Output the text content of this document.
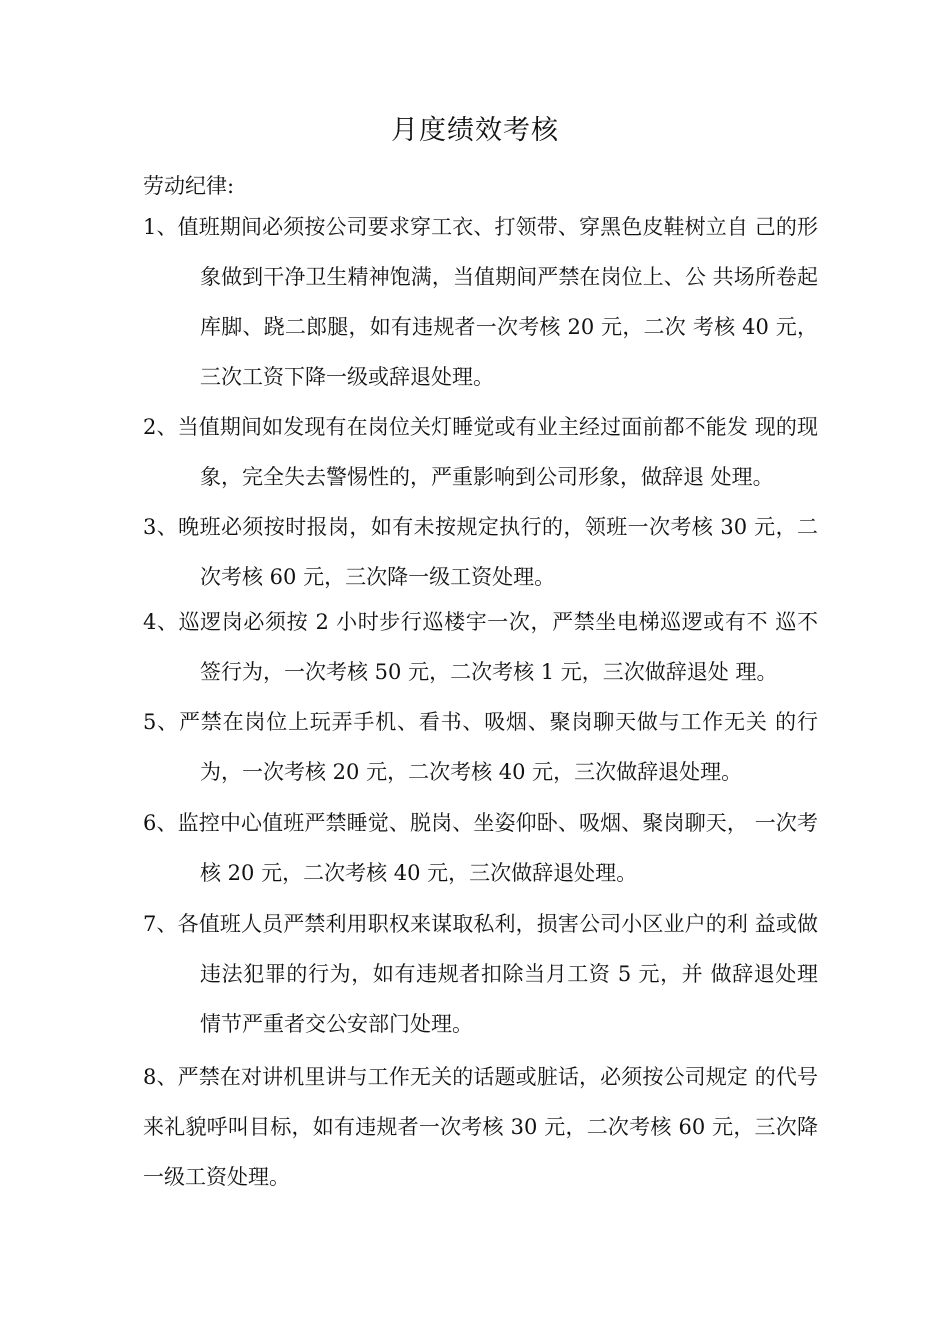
月度绩效考核
劳动纪律:
1、值班期间必须按公司要求穿工衣、打领带、穿黑色皮鞋树立自 己的形象做到干净卫生精神饱满，当值期间严禁在岗位上、公 共场所卷起库脚、跷二郎腿，如有违规者一次考核 20 元，二次 考核 40 元，三次工资下降一级或辞退处理。
2、当值期间如发现有在岗位关灯睡觉或有业主经过面前都不能发 现的现象，完全失去警惕性的，严重影响到公司形象，做辞退 处理。
3、晚班必须按时报岗，如有未按规定执行的，领班一次考核 30 元，二次考核 60 元，三次降一级工资处理。
4、巡逻岗必须按 2 小时步行巡楼宇一次，严禁坐电梯巡逻或有不 巡不签行为，一次考核 50 元，二次考核 1 元，三次做辞退处 理。
5、严禁在岗位上玩弄手机、看书、吸烟、聚岗聊天做与工作无关 的行为，一次考核 20 元，二次考核 40 元，三次做辞退处理。
6、监控中心值班严禁睡觉、脱岗、坐姿仰卧、吸烟、聚岗聊天， 一次考核 20 元，二次考核 40 元，三次做辞退处理。
7、各值班人员严禁利用职权来谋取私利，损害公司小区业户的利 益或做违法犯罪的行为，如有违规者扣除当月工资 5 元，并 做辞退处理情节严重者交公安部门处理。
8、严禁在对讲机里讲与工作无关的话题或脏话，必须按公司规定 的代号来礼貌呼叫目标，如有违规者一次考核 30 元，二次考核 60 元，三次降一级工资处理。
